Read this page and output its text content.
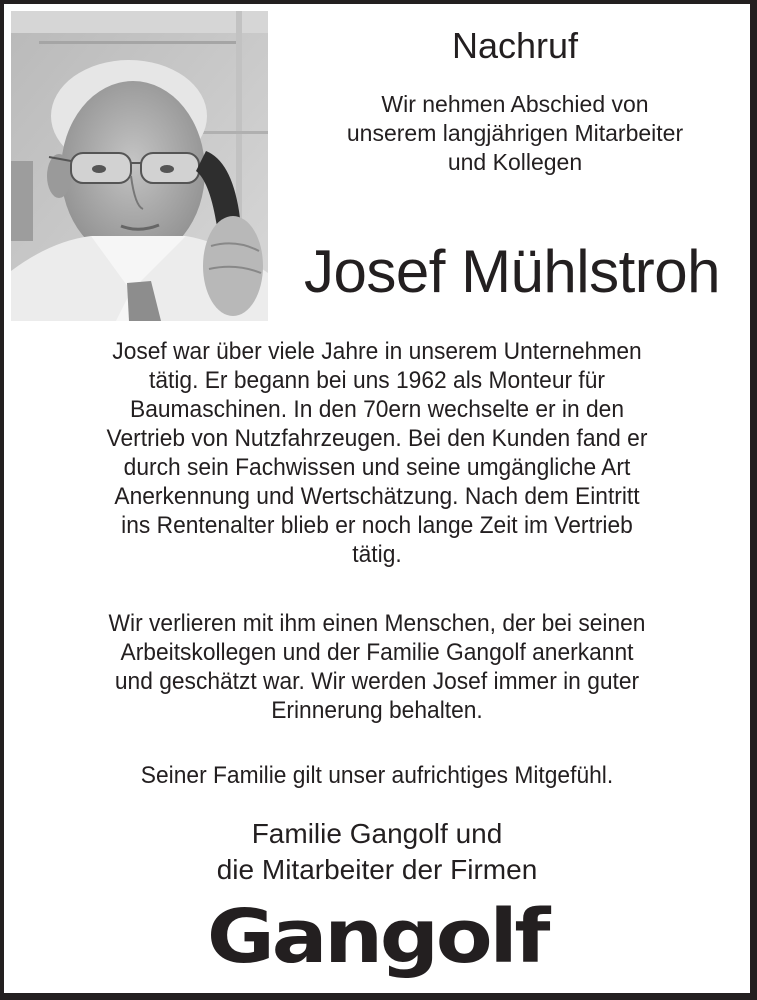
Nachruf
Wir nehmen Abschied von
unserem langjährigen Mitarbeiter
und Kollegen
Josef Mühlstroh
Josef war über viele Jahre in unserem Unternehmen
tätig. Er begann bei uns 1962 als Monteur für
Baumaschinen. In den 70ern wechselte er in den
Vertrieb von Nutzfahrzeugen. Bei den Kunden fand er
durch sein Fachwissen und seine umgängliche Art
Anerkennung und Wertschätzung. Nach dem Eintritt
ins Rentenalter blieb er noch lange Zeit im Vertrieb
tätig.
Wir verlieren mit ihm einen Menschen, der bei seinen
Arbeitskollegen und der Familie Gangolf anerkannt
und geschätzt war. Wir werden Josef immer in guter
Erinnerung behalten.
Seiner Familie gilt unser aufrichtiges Mitgefühl.
Familie Gangolf und
die Mitarbeiter der Firmen
Gangolf
